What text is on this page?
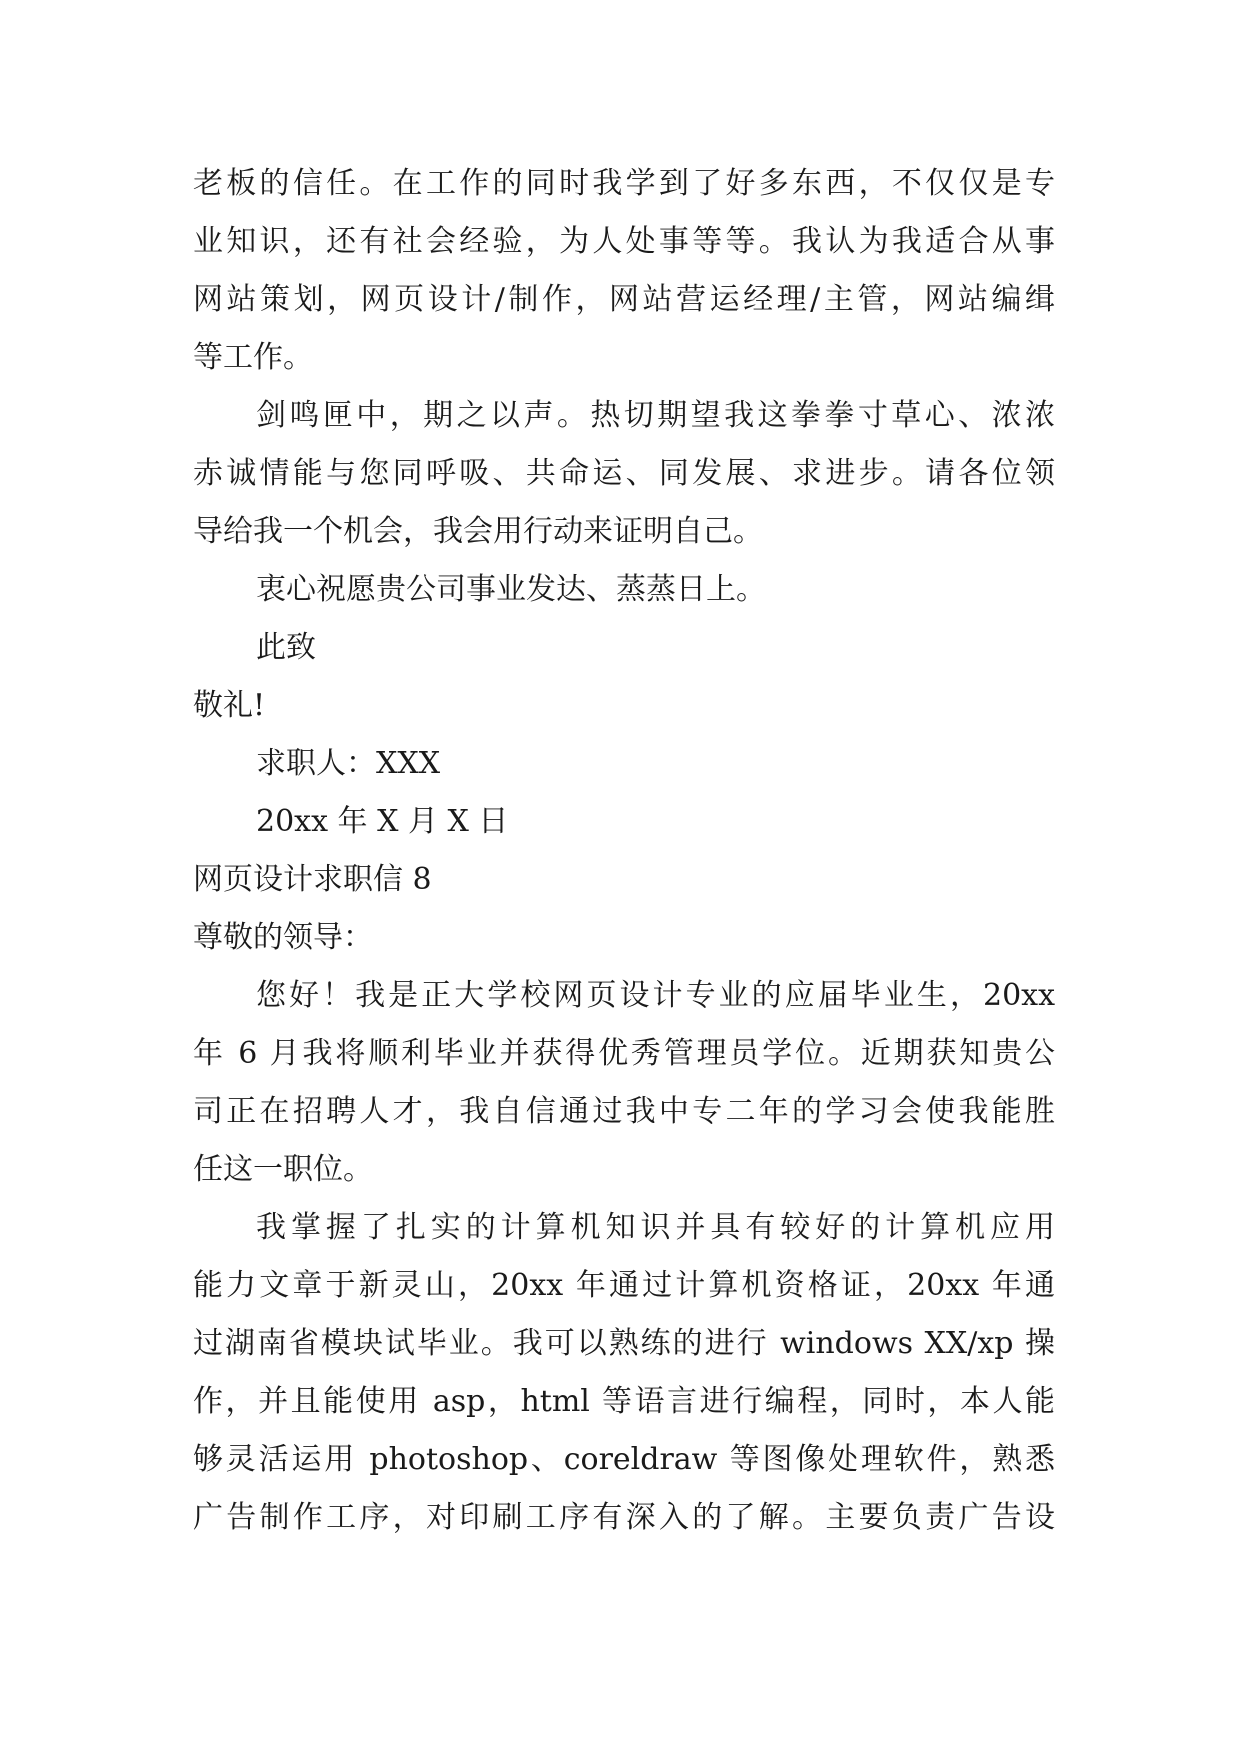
老板的信任。在工作的同时我学到了好多东西，不仅仅是专
业知识，还有社会经验，为人处事等等。我认为我适合从事
网站策划，网页设计/制作，网站营运经理/主管，网站编缉
等工作。
剑鸣匣中，期之以声。热切期望我这拳拳寸草心、浓浓
赤诚情能与您同呼吸、共命运、同发展、求进步。请各位领
导给我一个机会，我会用行动来证明自己。
衷心祝愿贵公司事业发达、蒸蒸日上。
此致
敬礼!
求职人：XXX
20xx 年 X 月 X 日
网页设计求职信 8
尊敬的领导：
您好！我是正大学校网页设计专业的应届毕业生，20xx
年 6 月我将顺利毕业并获得优秀管理员学位。近期获知贵公
司正在招聘人才，我自信通过我中专二年的学习会使我能胜
任这一职位。
我掌握了扎实的计算机知识并具有较好的计算机应用
能力文章于新灵山，20xx 年通过计算机资格证，20xx 年通
过湖南省模块试毕业。我可以熟练的进行 windows XX/xp 操
作，并且能使用 asp，html 等语言进行编程，同时，本人能
够灵活运用 photoshop、coreldraw 等图像处理软件，熟悉
广告制作工序，对印刷工序有深入的了解。主要负责广告设
